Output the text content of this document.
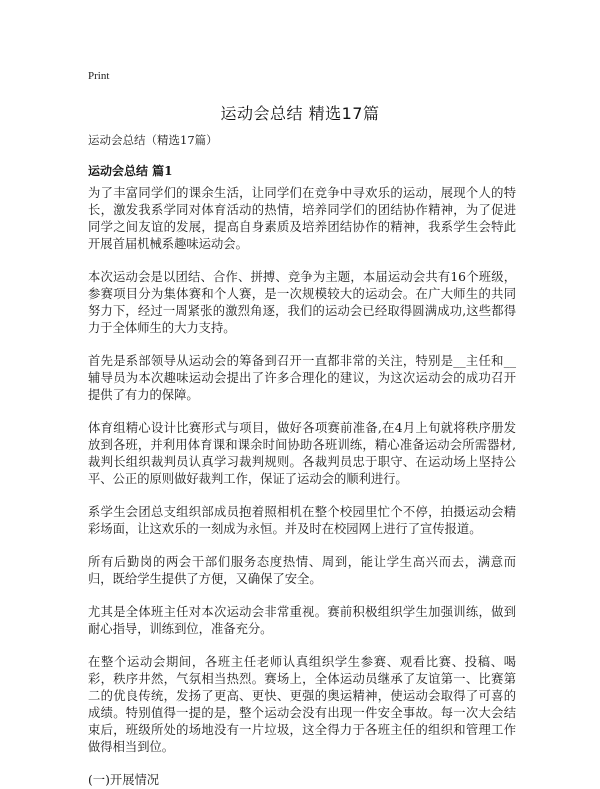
Print
运动会总结 精选17篇
运动会总结（精选17篇）
运动会总结 篇1

为了丰富同学们的课余生活，让同学们在竞争中寻欢乐的运动，展现个人的特长，激发我系学同对体育活动的热情，培养同学们的团结协作精神，为了促进同学之间友谊的发展，提高自身素质及培养团结协作的精神，我系学生会特此开展首届机械系趣味运动会。

本次运动会是以团结、合作、拼搏、竞争为主题，本届运动会共有16个班级，参赛项目分为集体赛和个人赛，是一次规模较大的运动会。在广大师生的共同努力下，经过一周紧张的激烈角逐，我们的运动会已经取得圆满成功,这些都得力于全体师生的大力支持。

首先是系部领导从运动会的筹备到召开一直都非常的关注，特别是__主任和__辅导员为本次趣味运动会提出了许多合理化的建议，为这次运动会的成功召开提供了有力的保障。

体育组精心设计比赛形式与项目，做好各项赛前准备,在4月上旬就将秩序册发放到各班，并利用体育课和课余时间协助各班训练，精心准备运动会所需器材,裁判长组织裁判员认真学习裁判规则。各裁判员忠于职守、在运动场上坚持公平、公正的原则做好裁判工作，保证了运动会的顺利进行。

系学生会团总支组织部成员抱着照相机在整个校园里忙个不停，拍摄运动会精彩场面，让这欢乐的一刻成为永恒。并及时在校园网上进行了宣传报道。

所有后勤岗的两会干部们服务态度热情、周到，能让学生高兴而去，满意而归，既给学生提供了方便，又确保了安全。

尤其是全体班主任对本次运动会非常重视。赛前积极组织学生加强训练，做到耐心指导，训练到位，准备充分。

在整个运动会期间，各班主任老师认真组织学生参赛、观看比赛、投稿、喝彩，秩序井然，气氛相当热烈。赛场上，全体运动员继承了友谊第一、比赛第二的优良传统，发扬了更高、更快、更强的奥运精神，使运动会取得了可喜的成绩。特别值得一提的是，整个运动会没有出现一件安全事故。每一次大会结束后，班级所处的场地没有一片垃圾，这全得力于各班主任的组织和管理工作做得相当到位。

(一)开展情况
